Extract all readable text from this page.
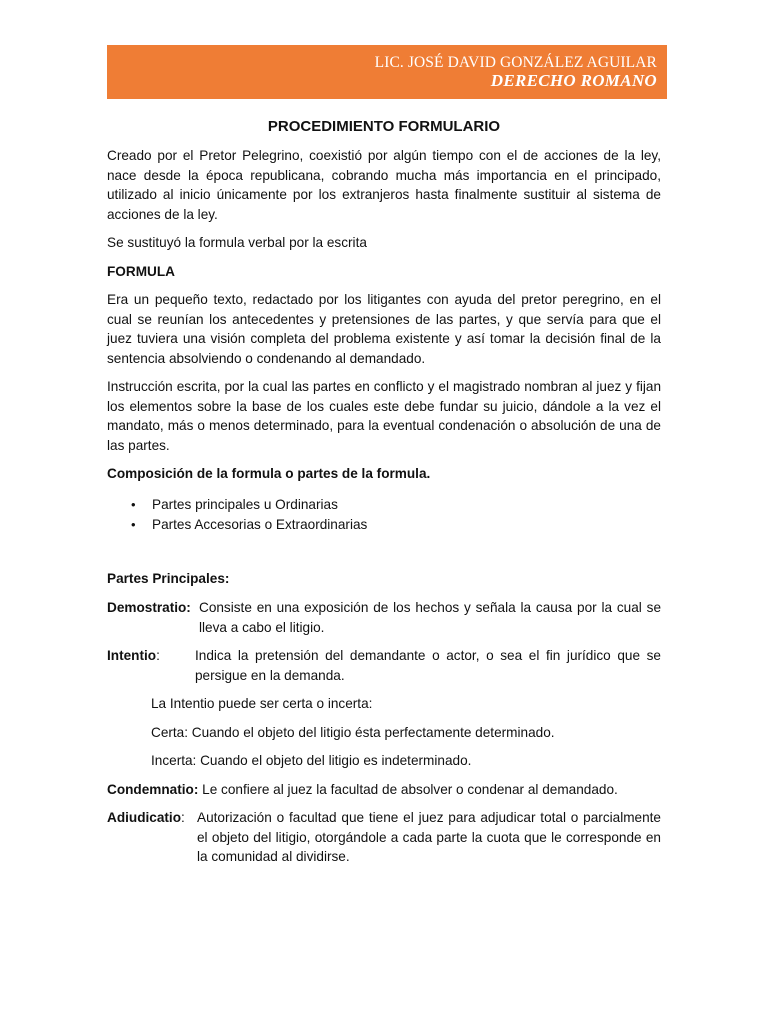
LIC. JOSÉ DAVID GONZÁLEZ AGUILAR
DERECHO ROMANO
PROCEDIMIENTO FORMULARIO

Creado por el Pretor Pelegrino, coexistió por algún tiempo con el de acciones de la ley, nace desde la época republicana, cobrando mucha más importancia en el principado, utilizado al inicio únicamente por los extranjeros hasta finalmente sustituir al sistema de acciones de la ley.

Se sustituyó la formula verbal por la escrita

FORMULA

Era un pequeño texto, redactado por los litigantes con ayuda del pretor peregrino, en el cual se reunían los antecedentes y pretensiones de las partes, y que servía para que el juez tuviera una visión completa del problema existente y así tomar la decisión final de la sentencia absolviendo o condenando al demandado.

Instrucción escrita, por la cual las partes en conflicto y el magistrado nombran al juez y fijan los elementos sobre la base de los cuales este debe fundar su juicio, dándole a la vez el mandato, más o menos determinado, para la eventual condenación o absolución de una de las partes.

Composición de la formula o partes de la formula.

• Partes principales u Ordinarias
• Partes Accesorias o Extraordinarias

Partes Principales:

Demostratio: Consiste en una exposición de los hechos y señala la causa por la cual se lleva a cabo el litigio.
Intentio:	Indica la pretensión del demandante o actor, o sea el fin jurídico que se persigue en la demanda.

La Intentio puede ser certa o incerta:

Certa: Cuando el objeto del litigio ésta perfectamente determinado.

Incerta: Cuando el objeto del litigio es indeterminado.

Condemnatio: Le confiere al juez la facultad de absolver o condenar al demandado.
Adiudicatio: Autorización o facultad que tiene el juez para adjudicar total o parcialmente el objeto del litigio, otorgándole a cada parte la cuota que le corresponde en la comunidad al dividirse.
